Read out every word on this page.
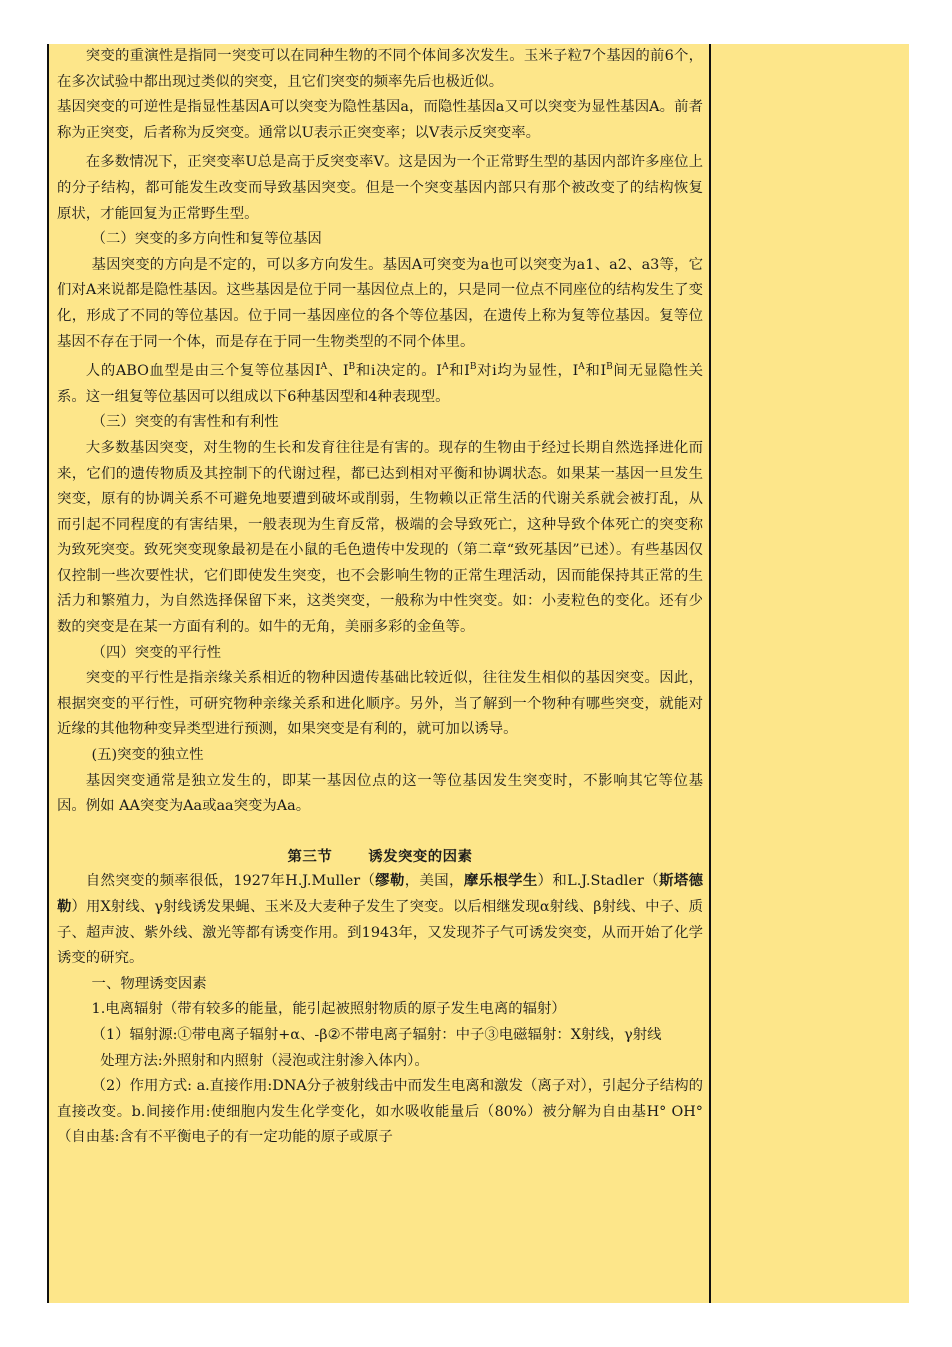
突变的重演性是指同一突变可以在同种生物的不同个体间多次发生。玉米子粒7个基因的前6个，在多次试验中都出现过类似的突变，且它们突变的频率先后也极近似。

基因突变的可逆性是指显性基因A可以突变为隐性基因a，而隐性基因a又可以突变为显性基因A。前者称为正突变，后者称为反突变。通常以U表示正突变率；以V表示反突变率。

在多数情况下，正突变率U总是高于反突变率V。这是因为一个正常野生型的基因内部许多座位上的分子结构，都可能发生改变而导致基因突变。但是一个突变基因内部只有那个被改变了的结构恢复原状，才能回复为正常野生型。

（二）突变的多方向性和复等位基因

基因突变的方向是不定的，可以多方向发生。基因A可突变为a也可以突变为a1、a2、a3等，它们对A来说都是隐性基因。这些基因是位于同一基因位点上的，只是同一位点不同座位的结构发生了变化，形成了不同的等位基因。位于同一基因座位的各个等位基因，在遗传上称为复等位基因。复等位基因不存在于同一个体，而是存在于同一生物类型的不同个体里。

人的ABO血型是由三个复等位基因$I^A$、$I^B$和i决定的。$I^A$和$I^B$对i均为显性，$I^A$和$I^B$间无显隐性关系。这一组复等位基因可以组成以下6种基因型和4种表现型。

（三）突变的有害性和有利性

大多数基因突变，对生物的生长和发育往往是有害的。现存的生物由于经过长期自然选择进化而来，它们的遗传物质及其控制下的代谢过程，都已达到相对平衡和协调状态。如果某一基因一旦发生突变，原有的协调关系不可避免地要遭到破坏或削弱，生物赖以正常生活的代谢关系就会被打乱，从而引起不同程度的有害结果，一般表现为生育反常，极端的会导致死亡，这种导致个体死亡的突变称为致死突变。致死突变现象最初是在小鼠的毛色遗传中发现的（第二章“致死基因”已述）。有些基因仅仅控制一些次要性状，它们即使发生突变，也不会影响生物的正常生理活动，因而能保持其正常的生活力和繁殖力，为自然选择保留下来，这类突变，一般称为中性突变。如：小麦粒色的变化。还有少数的突变是在某一方面有利的。如牛的无角，美丽多彩的金鱼等。

（四）突变的平行性

突变的平行性是指亲缘关系相近的物种因遗传基础比较近似，往往发生相似的基因突变。因此，根据突变的平行性，可研究物种亲缘关系和进化顺序。另外，当了解到一个物种有哪些突变，就能对近缘的其他物种变异类型进行预测，如果突变是有利的，就可加以诱导。

(五)突变的独立性

基因突变通常是独立发生的，即某一基因位点的这一等位基因发生突变时，不影响其它等位基因。例如 AA突变为Aa或aa突变为Aa。

第三节	诱发突变的因素

自然突变的频率很低，1927年H.J.Muller（缪勒，美国，摩乐根学生）和L.J.Stadler（斯塔德勒）用X射线、γ射线诱发果蝇、玉米及大麦种子发生了突变。以后相继发现α射线、β射线、中子、质子、超声波、紫外线、激光等都有诱变作用。到1943年，又发现芥子气可诱发突变，从而开始了化学诱变的研究。

一、物理诱变因素

1.电离辐射（带有较多的能量，能引起被照射物质的原子发生电离的辐射）

（1）辐射源:①带电离子辐射+α、-β②不带电离子辐射：中子③电磁辐射：X射线，γ射线

处理方法:外照射和内照射（浸泡或注射渗入体内）。

（2）作用方式: a.直接作用:DNA分子被射线击中而发生电离和激发（离子对），引起分子结构的直接改变。b.间接作用:使细胞内发生化学变化，如水吸收能量后（80%）被分解为自由基H° OH° （自由基:含有不平衡电子的有一定功能的原子或原子
